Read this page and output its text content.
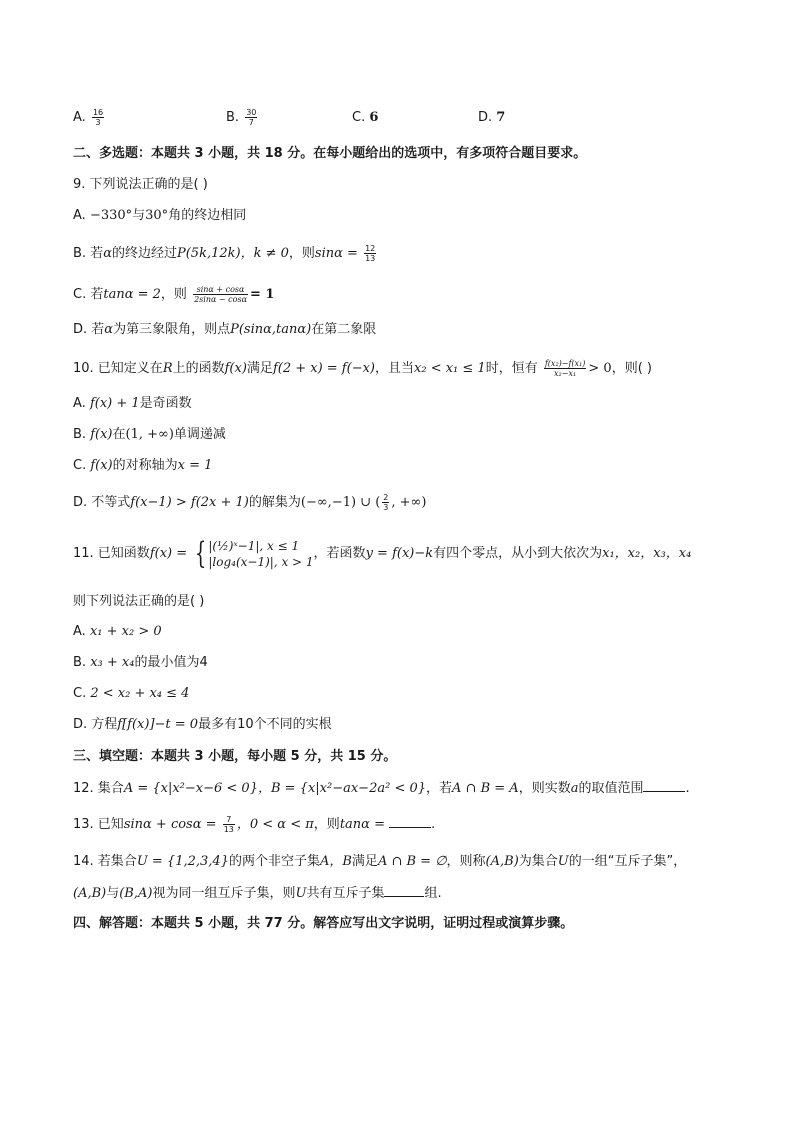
A. $\frac{16}{3}$	B. $\frac{30}{7}$	C. 6	D. 7
二、多选题：本题共 3 小题，共 18 分。在每小题给出的选项中，有多项符合题目要求。
9. 下列说法正确的是( )
A. −330°与30°角的终边相同
B. 若α的终边经过P(5k,12k)，k ≠ 0，则$\sin\alpha = \frac{12}{13}$
C. 若tanα = 2，则 $\frac{\sin\alpha + \cos\alpha}{2\sin\alpha - \cos\alpha} = 1$
D. 若α为第三象限角，则点P(sinα,tanα)在第二象限
10. 已知定义在R上的函数f(x)满足f(2 + x) = f(−x)，且当x₂ < x₁ ≤ 1时，恒有 $\frac{\text{f(x₂)−f(x₁)}}{\text{x₂−x₁}} > 0$，则( )
A. f(x) + 1是奇函数
B. f(x)在(1, +∞)单调递减
C. f(x)的对称轴为x = 1
D. 不等式f(x−1) > f(2x + 1)的解集为(−∞,−1) ∪ ( $\frac{2}{3}$ , +∞)
11. 已知函数f(x) = { |(½)ˣ−1|, x ≤ 1
|log₄(x−1)|, x > 1
，若函数y = f(x)−k有四个零点，从小到大依次为x₁，x₂，x₃，x₄
则下列说法正确的是( )
A. x₁ + x₂ > 0
B. x₃ + x₄的最小值为4
C. 2 < x₂ + x₄ ≤ 4
D. 方程f[f(x)]−t = 0最多有10个不同的实根
三、填空题：本题共 3 小题，每小题 5 分，共 15 分。
12. 集合A = {x|x²−x−6 < 0}，B = {x|x²−ax−2a² < 0}，若A ∩ B = A，则实数a的取值范围	.
13. 已知$\sin\alpha + \cos\alpha = \frac{7}{13}$ ，0 < α < π，则tanα =	.
14. 若集合U = {1,2,3,4}的两个非空子集A，B满足A ∩ B = ∅，则称(A,B)为集合U的一组“互斥子集”，
(A,B)与(B,A)视为同一组互斥子集，则U共有互斥子集	组.
四、解答题：本题共 5 小题，共 77 分。解答应写出文字说明，证明过程或演算步骤。
